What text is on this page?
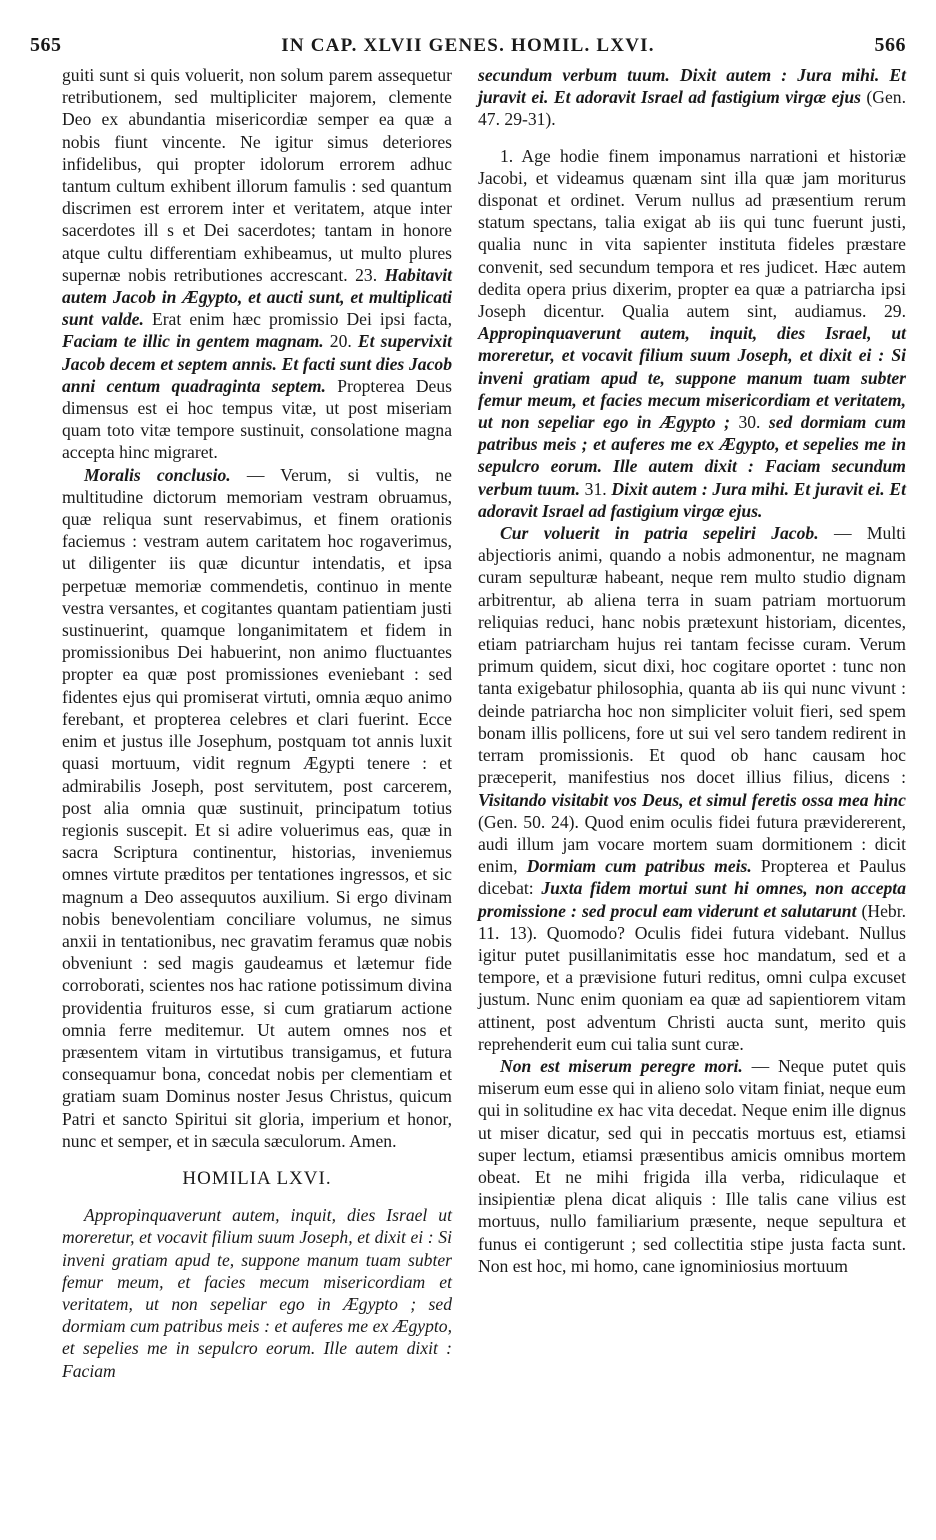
565	IN CAP. XLVII GENES. HOMIL. LXVI.	566

guiti sunt si quis voluerit, non solum parem assequetur retributionem, sed multipliciter majorem, clemente Deo ex abundantia misericordiæ semper ea quæ a nobis fiunt vincente. Ne igitur simus deteriores infidelibus, qui propter idolorum errorem adhuc tantum cultum exhibent illorum famulis : sed quantum discrimen est errorem inter et veritatem, atque inter sacerdotes ill s et Dei sacerdotes; tantam in honore atque cultu differentiam exhibeamus, ut multo plures supernæ nobis retributiones accrescant. 23. Habitavit autem Jacob in Ægypto, et aucti sunt, et multiplicati sunt valde. Erat enim hæc promissio Dei ipsi facta, Faciam te illic in gentem magnam. 20. Et supervixit Jacob decem et septem annis. Et facti sunt dies Jacob anni centum quadraginta septem. Propterea Deus dimensus est ei hoc tempus vitæ, ut post miseriam quam toto vitæ tempore sustinuit, consolatione magna accepta hinc migraret.

Moralis conclusio. — Verum, si vultis, ne multitudine dictorum memoriam vestram obruamus, quæ reliqua sunt reservabimus, et finem orationis faciemus : vestram autem caritatem hoc rogaverimus, ut diligenter iis quæ dicuntur intendatis, et ipsa perpetuæ memoriæ commendetis, continuo in mente vestra versantes, et cogitantes quantam patientiam justi sustinuerint, quamque longanimitatem et fidem in promissionibus Dei habuerint, non animo fluctuantes propter ea quæ post promissiones eveniebant : sed fidentes ejus qui promiserat virtuti, omnia æquo animo ferebant, et propterea celebres et clari fuerint. Ecce enim et justus ille Josephum, postquam tot annis luxit quasi mortuum, vidit regnum Ægypti tenere : et admirabilis Joseph, post servitutem, post carcerem, post alia omnia quæ sustinuit, principatum totius regionis suscepit. Et si adire voluerimus eas, quæ in sacra Scriptura continentur, historias, inveniemus omnes virtute præditos per tentationes ingressos, et sic magnum a Deo assequutos auxilium. Si ergo divinam nobis benevolentiam conciliare volumus, ne simus anxii in tentationibus, nec gravatim feramus quæ nobis obveniunt : sed magis gaudeamus et lætemur fide corroborati, scientes nos hac ratione potissimum divina providentia fruituros esse, si cum gratiarum actione omnia ferre meditemur. Ut autem omnes nos et præsentem vitam in virtutibus transigamus, et futura consequamur bona, concedat nobis per clementiam et gratiam suam Dominus noster Jesus Christus, quicum Patri et sancto Spiritui sit gloria, imperium et honor, nunc et semper, et in sæcula sæculorum. Amen.

HOMILIA LXVI.

Appropinquaverunt autem, inquit, dies Israel ut moreretur, et vocavit filium suum Joseph, et dixit ei : Si inveni gratiam apud te, suppone manum tuam subter femur meum, et facies mecum misericordiam et veritatem, ut non sepeliar ego in Ægypto ; sed dormiam cum patribus meis : et auferes me ex Ægypto, et sepelies me in sepulcro eorum. Ille autem dixit : Faciam

secundum verbum tuum. Dixit autem : Jura mihi. Et juravit ei. Et adoravit Israel ad fastigium virgæ ejus (Gen. 47. 29-31).

1. Age hodie finem imponamus narrationi et historiæ Jacobi, et videamus quænam sint illa quæ jam moriturus disponat et ordinet. Verum nullus ad præsentium rerum statum spectans, talia exigat ab iis qui tunc fuerunt justi, qualia nunc in vita sapienter instituta fideles præstare convenit, sed secundum tempora et res judicet. Hæc autem dedita opera prius dixerim, propter ea quæ a patriarcha ipsi Joseph dicentur. Qualia autem sint, audiamus. 29. Appropinquaverunt autem, inquit, dies Israel, ut moreretur, et vocavit filium suum Joseph, et dixit ei : Si inveni gratiam apud te, suppone manum tuam subter femur meum, et facies mecum misericordiam et veritatem, ut non sepeliar ego in Ægypto ; 30. sed dormiam cum patribus meis ; et auferes me ex Ægypto, et sepelies me in sepulcro eorum. Ille autem dixit : Faciam secundum verbum tuum. 31. Dixit autem : Jura mihi. Et juravit ei. Et adoravit Israel ad fastigium virgæ ejus.

Cur voluerit in patria sepeliri Jacob. — Multi abjectioris animi, quando a nobis admonentur, ne magnam curam sepulturæ habeant, neque rem multo studio dignam arbitrentur, ab aliena terra in suam patriam mortuorum reliquias reduci, hanc nobis prætexunt historiam, dicentes, etiam patriarcham hujus rei tantam fecisse curam. Verum primum quidem, sicut dixi, hoc cogitare oportet : tunc non tanta exigebatur philosophia, quanta ab iis qui nunc vivunt : deinde patriarcha hoc non simpliciter voluit fieri, sed spem bonam illis pollicens, fore ut sui vel sero tandem redirent in terram promissionis. Et quod ob hanc causam hoc præceperit, manifestius nos docet illius filius, dicens : Visitando visitabit vos Deus, et simul feretis ossa mea hinc (Gen. 50. 24). Quod enim oculis fidei futura prævidererent, audi illum jam vocare mortem suam dormitionem : dicit enim, Dormiam cum patribus meis. Propterea et Paulus dicebat: Juxta fidem mortui sunt hi omnes, non accepta promissione : sed procul eam viderunt et salutarunt (Hebr. 11. 13). Quomodo? Oculis fidei futura videbant. Nullus igitur putet pusillanimitatis esse hoc mandatum, sed et a tempore, et a prævisione futuri reditus, omni culpa excuset justum. Nunc enim quoniam ea quæ ad sapientiorem vitam attinent, post adventum Christi aucta sunt, merito quis reprehenderit eum cui talia sunt curæ.

Non est miserum peregre mori. — Neque putet quis miserum eum esse qui in alieno solo vitam finiat, neque eum qui in solitudine ex hac vita decedat. Neque enim ille dignus ut miser dicatur, sed qui in peccatis mortuus est, etiamsi super lectum, etiamsi præsentibus amicis omnibus mortem obeat. Et ne mihi frigida illa verba, ridiculaque et insipientiæ plena dicat aliquis : Ille talis cane vilius est mortuus, nullo familiarium præsente, neque sepultura et funus ei contigerunt ; sed collectitia stipe justa facta sunt. Non est hoc, mi homo, cane ignominiosius mortuum
